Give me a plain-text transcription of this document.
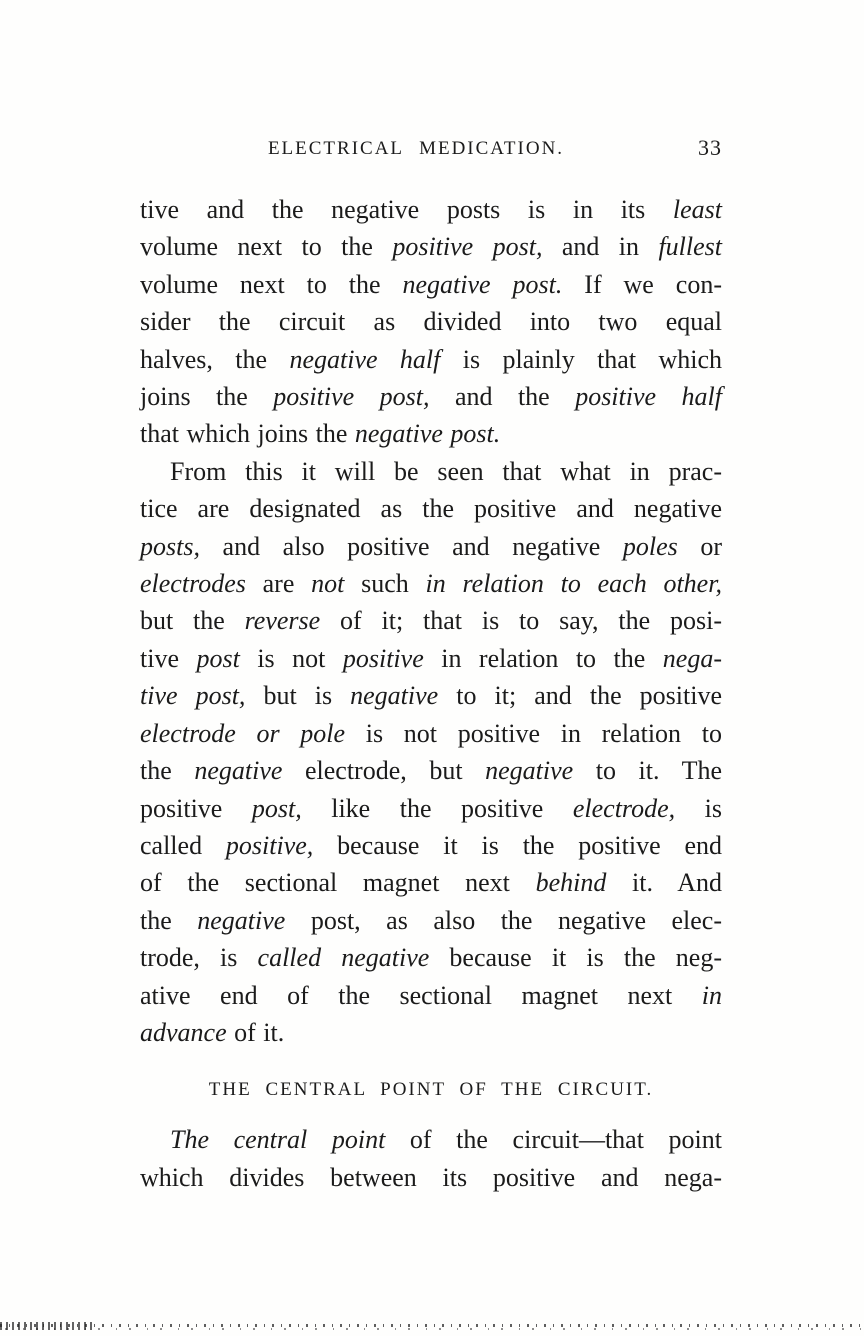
ELECTRICAL MEDICATION.	33
tive and the negative posts is in its least
volume next to the positive post, and in fullest
volume next to the negative post. If we con-
sider the circuit as divided into two equal
halves, the negative half is plainly that which
joins the positive post, and the positive half
that which joins the negative post.
From this it will be seen that what in prac-
tice are designated as the positive and negative
posts, and also positive and negative poles or
electrodes are not such in relation to each other,
but the reverse of it; that is to say, the posi-
tive post is not positive in relation to the nega-
tive post, but is negative to it; and the positive
electrode or pole is not positive in relation to
the negative electrode, but negative to it. The
positive post, like the positive electrode, is
called positive, because it is the positive end
of the sectional magnet next behind it. And
the negative post, as also the negative elec-
trode, is called negative because it is the neg-
ative end of the sectional magnet next in
advance of it.
THE CENTRAL POINT OF THE CIRCUIT.
The central point of the circuit—that point
which divides between its positive and nega-
